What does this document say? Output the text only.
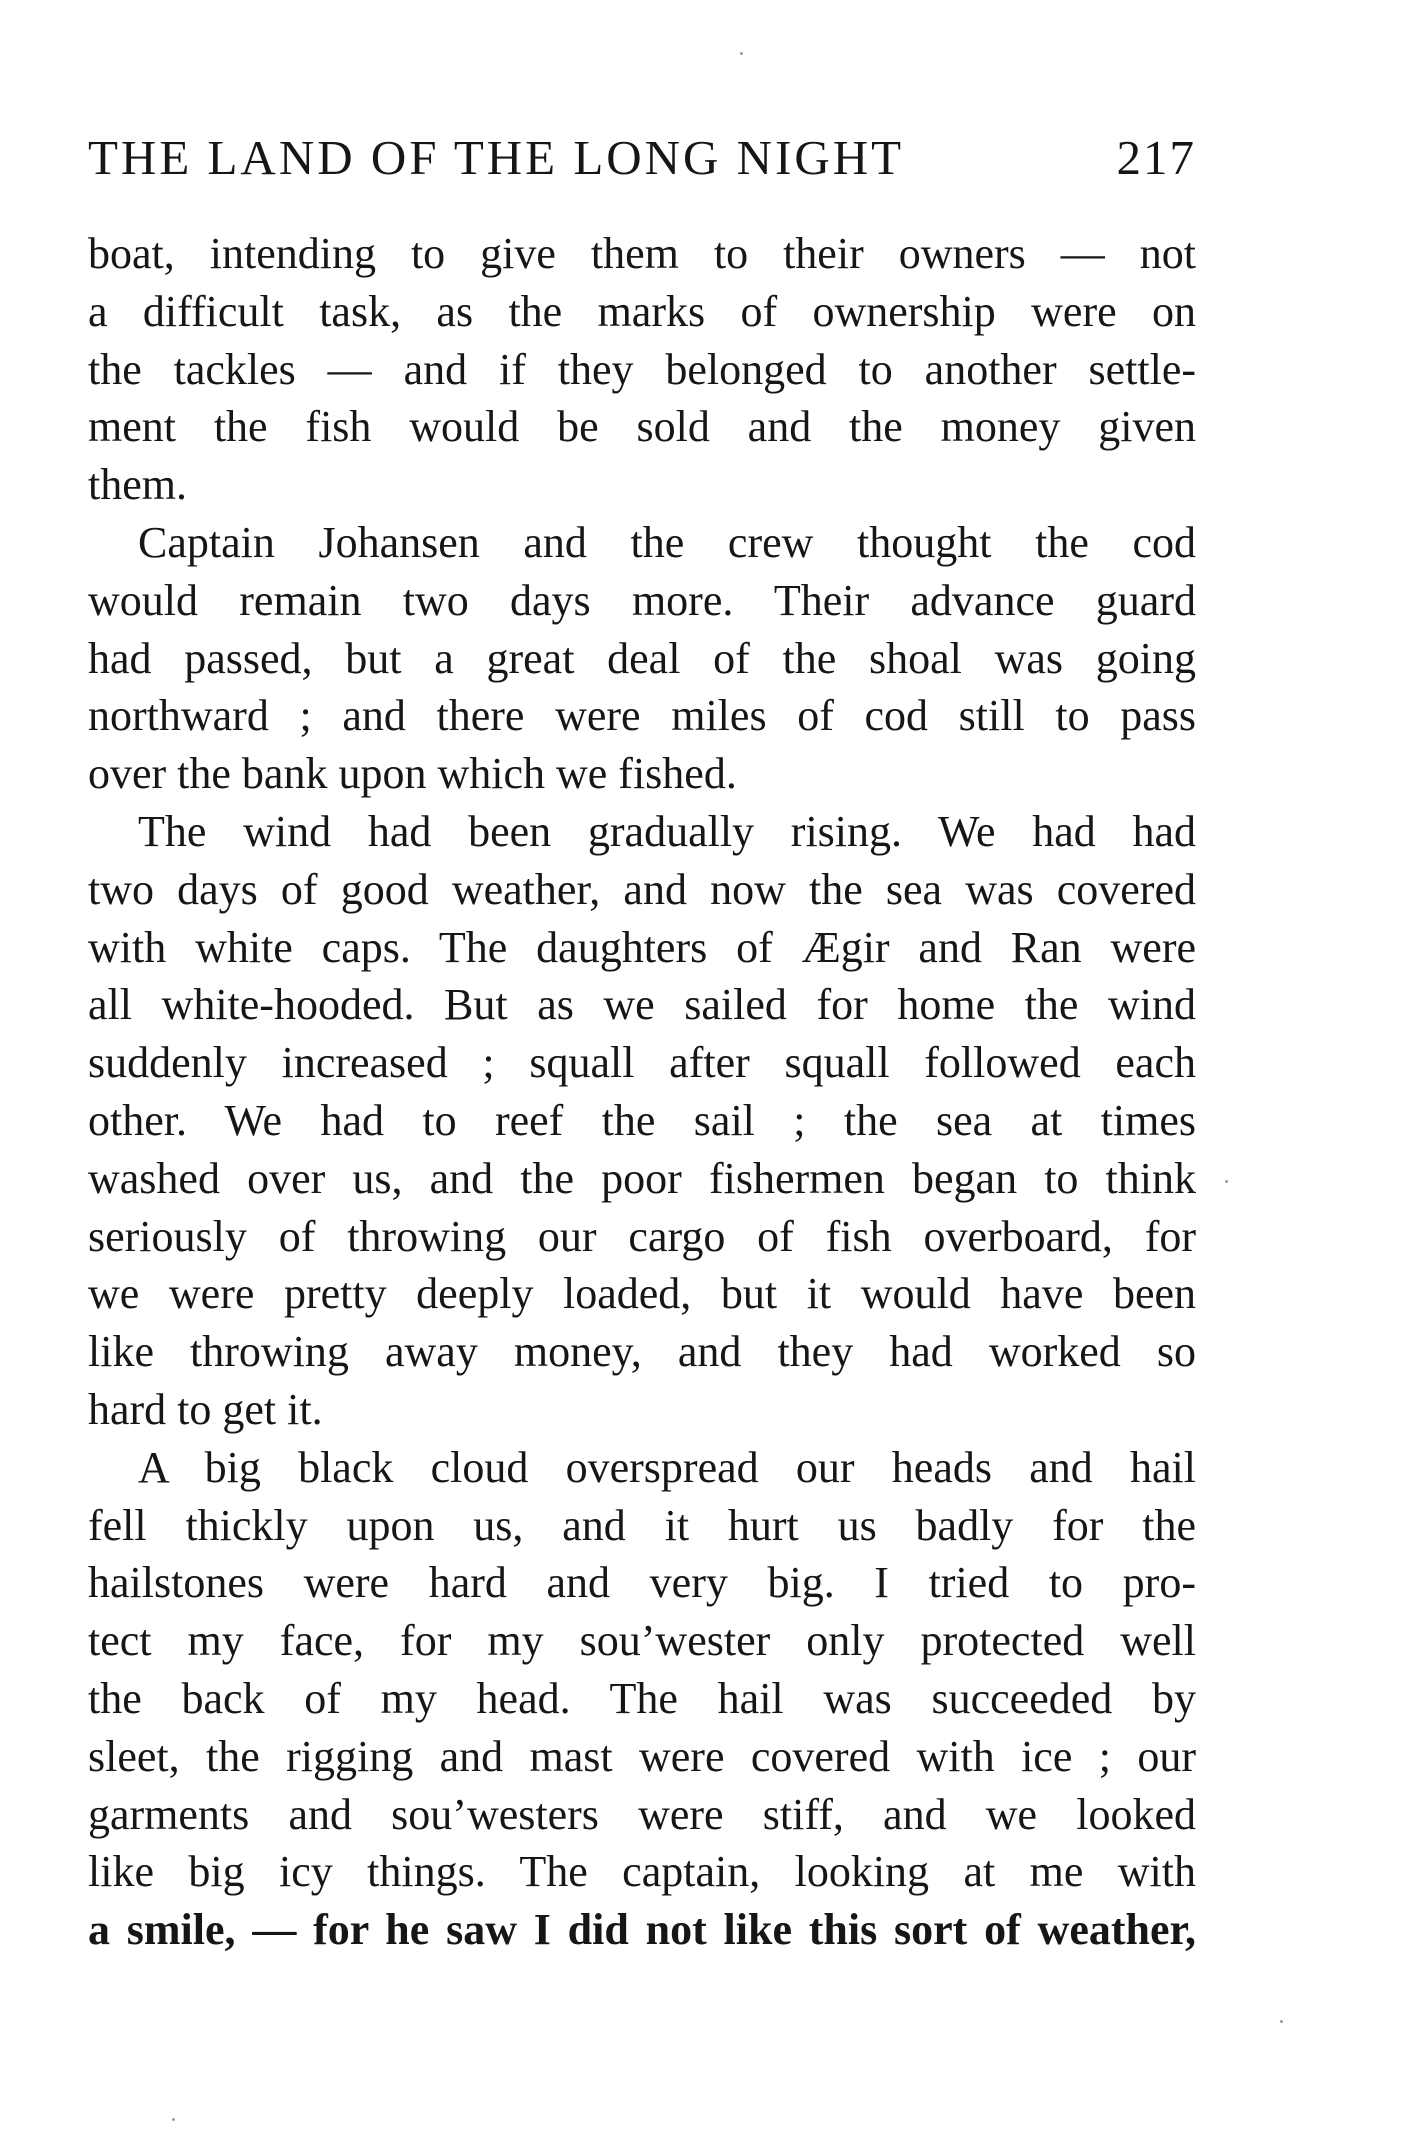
THE LAND OF THE LONG NIGHT	217
boat, intending to give them to their owners — not
a difficult task, as the marks of ownership were on
the tackles — and if they belonged to another settle-
ment the fish would be sold and the money given
them.
Captain Johansen and the crew thought the cod
would remain two days more. Their advance guard
had passed, but a great deal of the shoal was going
northward ; and there were miles of cod still to pass
over the bank upon which we fished.
The wind had been gradually rising. We had had
two days of good weather, and now the sea was covered
with white caps. The daughters of Ægir and Ran were
all white-hooded. But as we sailed for home the wind
suddenly increased ; squall after squall followed each
other. We had to reef the sail ; the sea at times
washed over us, and the poor fishermen began to think
seriously of throwing our cargo of fish overboard, for
we were pretty deeply loaded, but it would have been
like throwing away money, and they had worked so
hard to get it.
A big black cloud overspread our heads and hail
fell thickly upon us, and it hurt us badly for the
hailstones were hard and very big. I tried to pro-
tect my face, for my sou’wester only protected well
the back of my head. The hail was succeeded by
sleet, the rigging and mast were covered with ice ; our
garments and sou’westers were stiff, and we looked
like big icy things. The captain, looking at me with
a smile, — for he saw I did not like this sort of weather,
